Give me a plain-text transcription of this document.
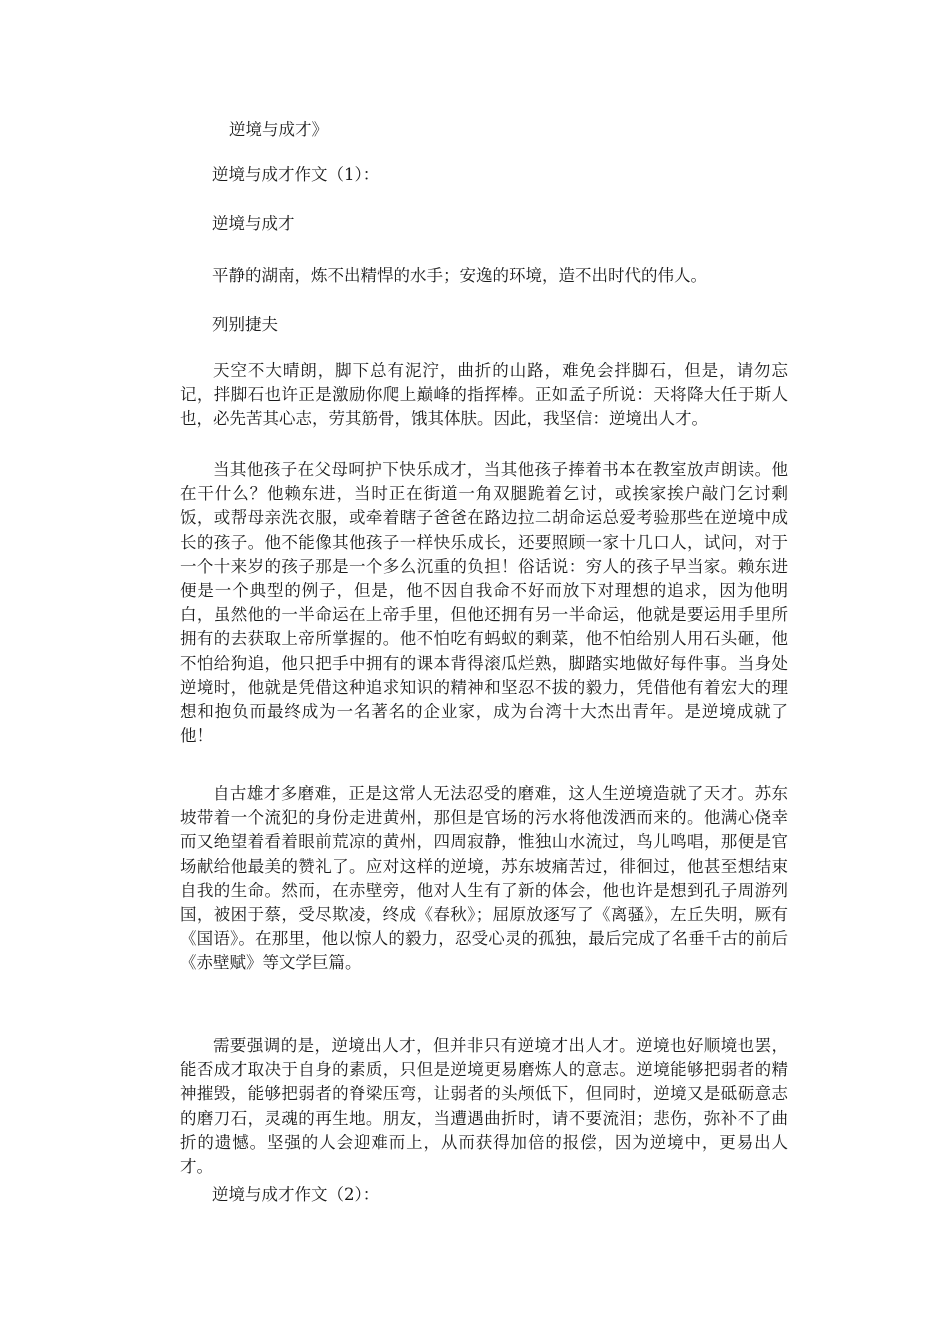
逆境与成才》
逆境与成才作文（1）：
逆境与成才
平静的湖南，炼不出精悍的水手；安逸的环境，造不出时代的伟人。
列别捷夫

天空不大晴朗，脚下总有泥泞，曲折的山路，难免会拌脚石，但是，请勿忘记，拌脚石也许正是激励你爬上巅峰的指挥棒。正如孟子所说：天将降大任于斯人也，必先苦其心志，劳其筋骨，饿其体肤。因此，我坚信：逆境出人才。

当其他孩子在父母呵护下快乐成才，当其他孩子捧着书本在教室放声朗读。他在干什么？他赖东进，当时正在街道一角双腿跪着乞讨，或挨家挨户敲门乞讨剩饭，或帮母亲洗衣服，或牵着瞎子爸爸在路边拉二胡命运总爱考验那些在逆境中成长的孩子。他不能像其他孩子一样快乐成长，还要照顾一家十几口人，试问，对于一个十来岁的孩子那是一个多么沉重的负担！俗话说：穷人的孩子早当家。赖东进便是一个典型的例子，但是，他不因自我命不好而放下对理想的追求，因为他明白，虽然他的一半命运在上帝手里，但他还拥有另一半命运，他就是要运用手里所拥有的去获取上帝所掌握的。他不怕吃有蚂蚁的剩菜，他不怕给别人用石头砸，他不怕给狗追，他只把手中拥有的课本背得滚瓜烂熟，脚踏实地做好每件事。当身处逆境时，他就是凭借这种追求知识的精神和坚忍不拔的毅力，凭借他有着宏大的理想和抱负而最终成为一名著名的企业家，成为台湾十大杰出青年。是逆境成就了他！

自古雄才多磨难，正是这常人无法忍受的磨难，这人生逆境造就了天才。苏东坡带着一个流犯的身份走进黄州，那但是官场的污水将他泼洒而来的。他满心侥幸而又绝望着看着眼前荒凉的黄州，四周寂静，惟独山水流过，鸟儿鸣唱，那便是官场献给他最美的赞礼了。应对这样的逆境，苏东坡痛苦过，徘徊过，他甚至想结束自我的生命。然而，在赤壁旁，他对人生有了新的体会，他也许是想到孔子周游列国，被困于蔡，受尽欺凌，终成《春秋》；屈原放逐写了《离骚》，左丘失明，厥有《国语》。在那里，他以惊人的毅力，忍受心灵的孤独，最后完成了名垂千古的前后《赤壁赋》等文学巨篇。

需要强调的是，逆境出人才，但并非只有逆境才出人才。逆境也好顺境也罢，能否成才取决于自身的素质，只但是逆境更易磨炼人的意志。逆境能够把弱者的精神摧毁，能够把弱者的脊梁压弯，让弱者的头颅低下，但同时，逆境又是砥砺意志的磨刀石，灵魂的再生地。朋友，当遭遇曲折时，请不要流泪；悲伤，弥补不了曲折的遗憾。坚强的人会迎难而上，从而获得加倍的报偿，因为逆境中，更易出人才。

逆境与成才作文（2）：
